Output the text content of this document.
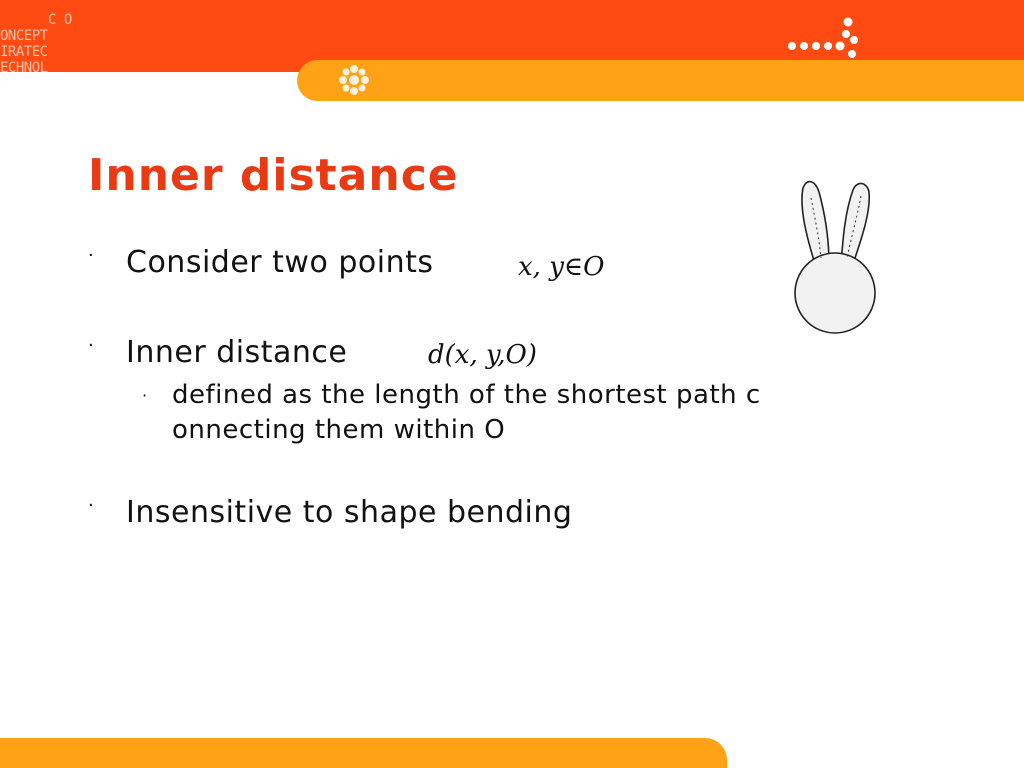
C O
ONCEPT
IRATEC
ECHNOL
Inner distance
· Consider two points	x, y∈O
· Inner distance	d(x, y,O)
· defined as the length of the shortest path c
onnecting them within O
· Insensitive to shape bending
